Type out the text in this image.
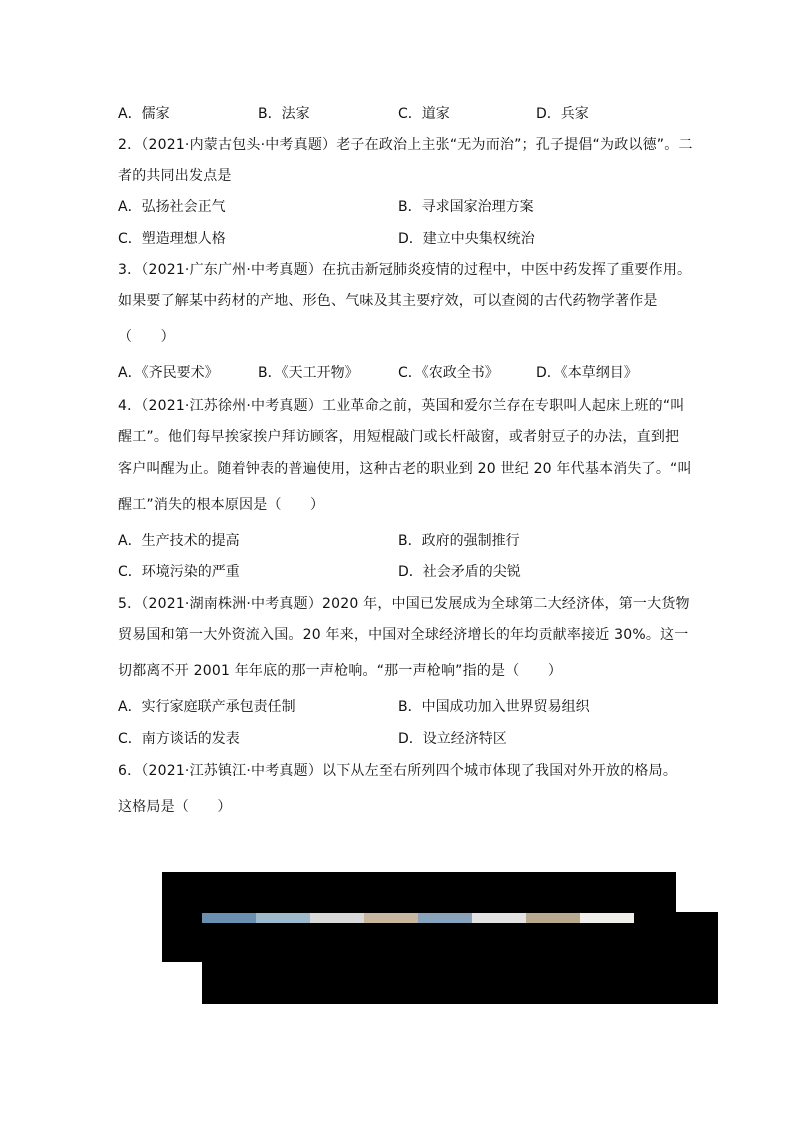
A．儒家	B．法家	C．道家	D．兵家
2．（2021·内蒙古包头·中考真题）老子在政治上主张“无为而治”；孔子提倡“为政以德”。二
者的共同出发点是
A．弘扬社会正气	B．寻求国家治理方案
C．塑造理想人格	D．建立中央集权统治
3．（2021·广东广州·中考真题）在抗击新冠肺炎疫情的过程中，中医中药发挥了重要作用。
如果要了解某中药材的产地、形色、气味及其主要疗效，可以查阅的古代药物学著作是
（　　）
A．《齐民要术》	B．《天工开物》	C．《农政全书》	D．《本草纲目》
4．（2021·江苏徐州·中考真题）工业革命之前，英国和爱尔兰存在专职叫人起床上班的“叫
醒工”。他们每早挨家挨户拜访顾客，用短棍敲门或长杆敲窗，或者射豆子的办法，直到把
客户叫醒为止。随着钟表的普遍使用，这种古老的职业到 20 世纪 20 年代基本消失了。“叫
醒工”消失的根本原因是（　　）
A．生产技术的提高	B．政府的强制推行
C．环境污染的严重	D．社会矛盾的尖锐
5．（2021·湖南株洲·中考真题）2020 年，中国已发展成为全球第二大经济体，第一大货物
贸易国和第一大外资流入国。20 年来，中国对全球经济增长的年均贡献率接近 30%。这一
切都离不开 2001 年年底的那一声枪响。“那一声枪响”指的是（　　）
A．实行家庭联产承包责任制	B．中国成功加入世界贸易组织
C．南方谈话的发表	D．设立经济特区
6．（2021·江苏镇江·中考真题）以下从左至右所列四个城市体现了我国对外开放的格局。
这格局是（　　）
